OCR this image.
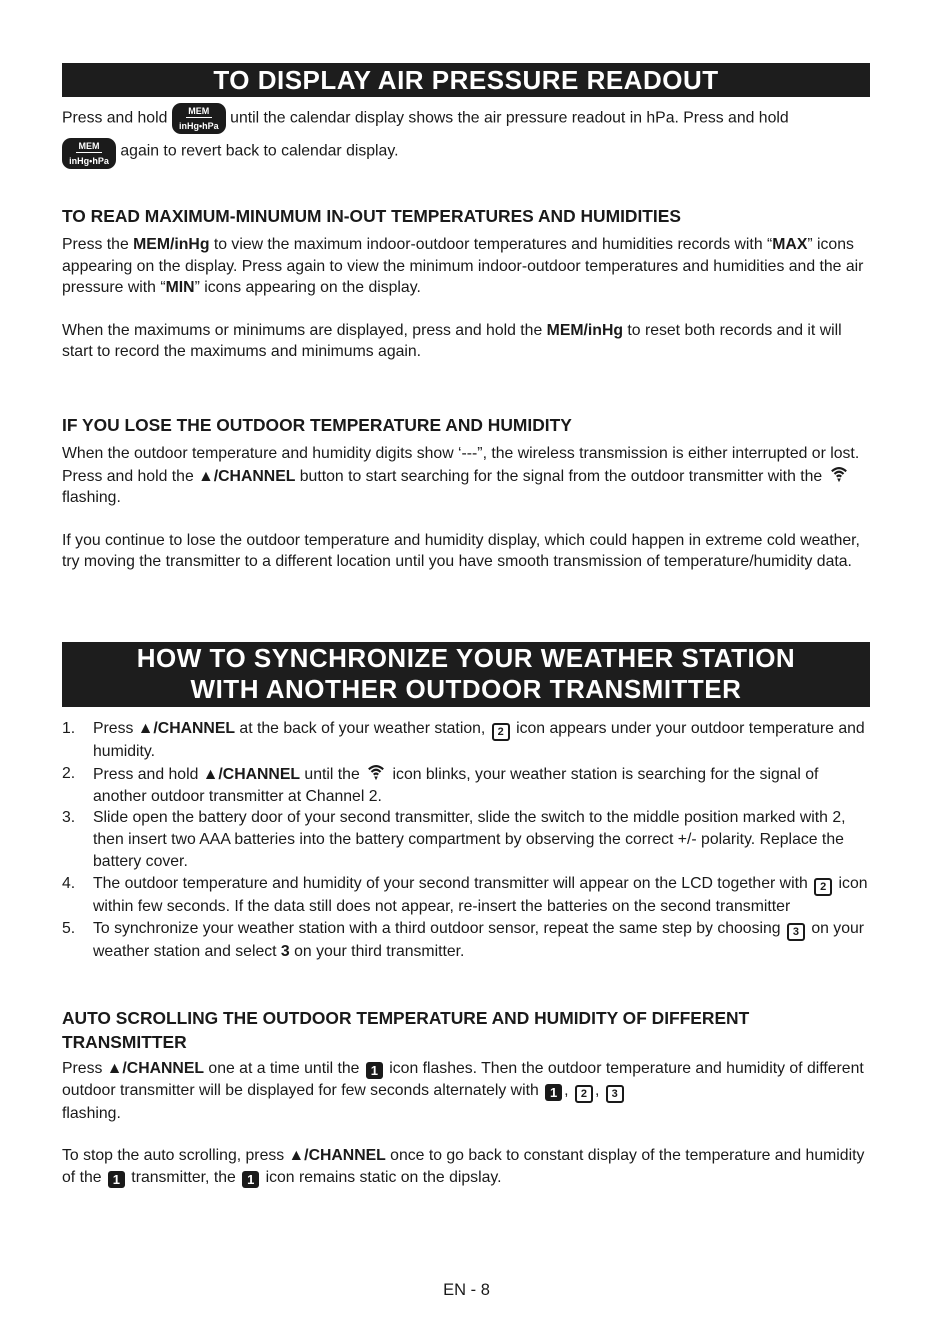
TO DISPLAY AIR PRESSURE READOUT

Press and hold MEM
inHg•hPa until the calendar display shows the air pressure readout in hPa. Press and hold

MEM
inHg•hPa
again to revert back to calendar display.

TO READ MAXIMUM-MINUMUM IN-OUT TEMPERATURES AND HUMIDITIES

Press the MEM/inHg to view the maximum indoor-outdoor temperatures and humidities records with “MAX” icons appearing on the display. Press again to view the minimum indoor-outdoor temperatures and humidities and the air pressure with “MIN” icons appearing on the display.

When the maximums or minimums are displayed, press and hold the MEM/inHg to reset both records and it will start to record the maximums and minimums again.

IF YOU LOSE THE OUTDOOR TEMPERATURE AND HUMIDITY

When the outdoor temperature and humidity digits show ‘---”, the wireless transmission is either interrupted or lost. Press and hold the ▲/CHANNEL button to start searching for the signal from the outdoor transmitter with the  flashing.

If you continue to lose the outdoor temperature and humidity display, which could happen in extreme cold weather, try moving the transmitter to a different location until you have smooth transmission of temperature/humidity data.

HOW TO SYNCHRONIZE YOUR WEATHER STATION
WITH ANOTHER OUTDOOR TRANSMITTER
1. Press ▲/CHANNEL at the back of your weather station, 2 icon appears under your outdoor temperature and humidity.
2. Press and hold ▲/CHANNEL until the  icon blinks, your weather station is searching for the signal of another outdoor transmitter at Channel 2.
3. Slide open the battery door of your second transmitter, slide the switch to the middle position marked with 2, then insert two AAA batteries into the battery compartment by observing the correct +/- polarity. Replace the battery cover.
4. The outdoor temperature and humidity of your second transmitter will appear on the LCD together with 2 icon within few seconds. If the data still does not appear, re-insert the batteries on the second transmitter
5. To synchronize your weather station with a third outdoor sensor, repeat the same step by choosing 3 on your weather station and select 3 on your third transmitter.
AUTO SCROLLING THE OUTDOOR TEMPERATURE AND HUMIDITY OF DIFFERENT TRANSMITTER

Press ▲/CHANNEL one at a time until the 1 icon flashes. Then the outdoor temperature and humidity of different outdoor transmitter will be displayed for few seconds alternately with 1 , 2 , 3
flashing.

To stop the auto scrolling, press ▲/CHANNEL once to go back to constant display of the temperature and humidity of the 1 transmitter, the 1 icon remains static on the dipslay.

EN - 8
